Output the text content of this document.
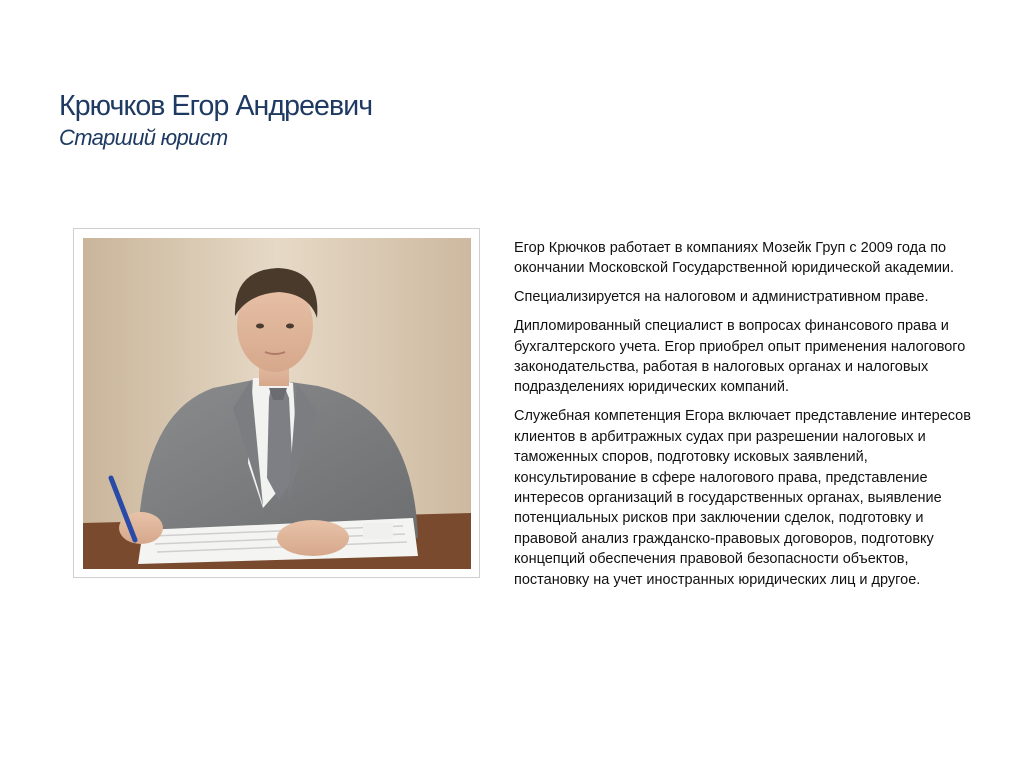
Крючков Егор Андреевич
Старший юрист

Егор Крючков работает в компаниях Мозейк Груп с 2009 года по окончании Московской Государственной юридической академии.

Специализируется на налоговом и административном праве.

Дипломированный специалист в вопросах финансового права и бухгалтерского учета. Егор приобрел опыт применения налогового законодательства, работая в налоговых органах и налоговых подразделениях юридических компаний.

Служебная компетенция Егора включает представление интересов клиентов в арбитражных судах при разрешении налоговых и таможенных споров, подготовку исковых заявлений, консультирование в сфере налогового права, представление интересов организаций в государственных органах, выявление потенциальных рисков при заключении сделок, подготовку и правовой анализ гражданско-правовых договоров, подготовку концепций обеспечения правовой безопасности объектов, постановку на учет иностранных юридических лиц и другое.
